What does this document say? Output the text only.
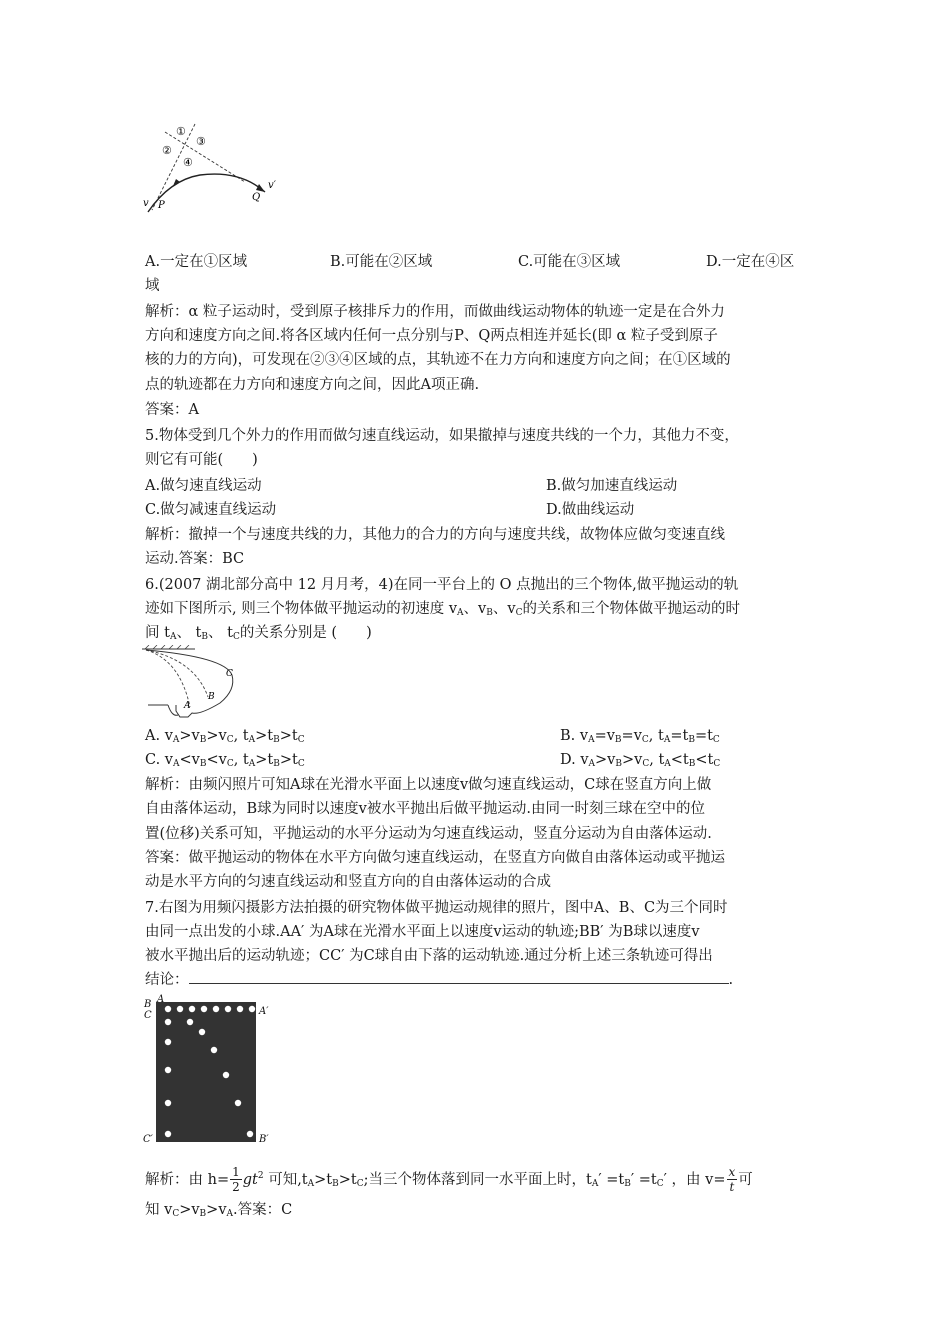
①
②
③
④
v
v′
P
Q
A.一定在①区域	B.可能在②区域	C.可能在③区域	D.一定在④区
域
解析：α 粒子运动时，受到原子核排斥力的作用，而做曲线运动物体的轨迹一定是在合外力
方向和速度方向之间.将各区域内任何一点分别与P、Q两点相连并延长(即 α 粒子受到原子
核的力的方向)，可发现在②③④区域的点，其轨迹不在力方向和速度方向之间；在①区域的
点的轨迹都在力方向和速度方向之间，因此A项正确.
答案：A
5.物体受到几个外力的作用而做匀速直线运动，如果撤掉与速度共线的一个力，其他力不变，
则它有可能(　　)
A.做匀速直线运动	B.做匀加速直线运动
C.做匀减速直线运动	D.做曲线运动
解析：撤掉一个与速度共线的力，其他力的合力的方向与速度共线，故物体应做匀变速直线
运动.答案：BC
6.(2007 湖北部分高中 12 月月考，4)在同一平台上的 O 点抛出的三个物体,做平抛运动的轨
迹如下图所示, 则三个物体做平抛运动的初速度 $v_A$、$v_B$、$v_C$的关系和三个物体做平抛运动的时
间 $t_A$、 $t_B$、 $t_C$的关系分别是 (　　)
A
B
C
A. $v_A>v_B>v_C$, $t_A>t_B>t_C$	B. $v_A=v_B=v_C$, $t_A=t_B=t_C$
C. $v_A<v_B<v_C$, $t_A>t_B>t_C$	D. $v_A>v_B>v_C$, $t_A<t_B<t_C$
解析：由频闪照片可知A球在光滑水平面上以速度v做匀速直线运动，C球在竖直方向上做
自由落体运动，B球为同时以速度v被水平抛出后做平抛运动.由同一时刻三球在空中的位
置(位移)关系可知，平抛运动的水平分运动为匀速直线运动，竖直分运动为自由落体运动.
答案：做平抛运动的物体在水平方向做匀速直线运动，在竖直方向做自由落体运动或平抛运
动是水平方向的匀速直线运动和竖直方向的自由落体运动的合成
7.右图为用频闪摄影方法拍摄的研究物体做平抛运动规律的照片，图中A、B、C为三个同时
由同一点出发的小球.AA′ 为A球在光滑水平面上以速度v运动的轨迹;BB′ 为B球以速度v
被水平抛出后的运动轨迹；CC′ 为C球自由下落的运动轨迹.通过分析上述三条轨迹可得出
结论：	.
B A
C	A′
C′	B′
解析：由 $h= \frac{1}{2} gt^2$ 可知$,t_A>t_B>t_C$;当三个物体落到同一水平面上时，$t_A' =t_B' =t_C'$ ，由 $v= \frac{x}{t}$ 可
知 $v_C>v_B>v_A$.答案：C
